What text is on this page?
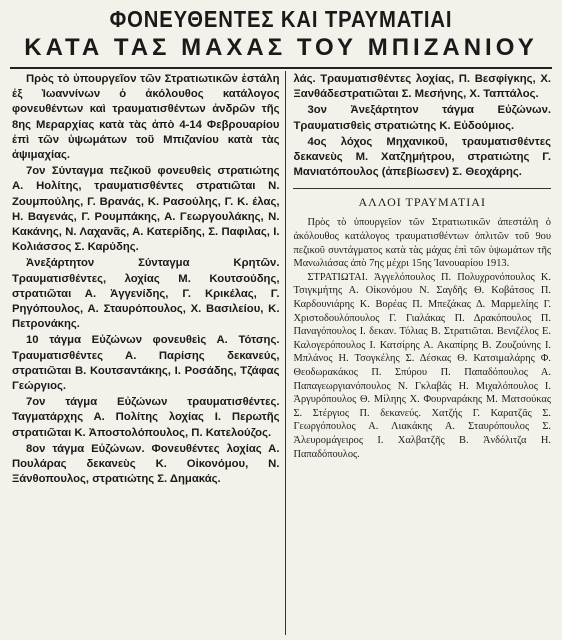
ΦΟΝΕΥΘΕΝΤΕΣ ΚΑΙ ΤΡΑΥΜΑΤΙΑΙ
ΚΑΤΑ ΤΑΣ ΜΑΧΑΣ ΤΟΥ ΜΠΙΖΑΝΙΟΥ

Πρὸς τὸ ὑπουργεῖον τῶν Στρατιωτικῶν ἐστάλη ἐξ Ἰωαννίνων ὁ ἀκόλουθος κατάλογος φονευθέντων καὶ τραυματισθέντων ἀνδρῶν τῆς 8ης Μεραρχίας κατὰ τὰς ἀπὸ 4-14 Φεβρουαρίου ἐπὶ τῶν ὑψωμάτων τοῦ Μπιζανίου κατὰ τὰς ἀψιμαχίας.

7ον Σύνταγμα πεζικοῦ φονευθεὶς στρατιώτης Α. Ηολίτης, τραυματισθέντες στρατιῶται Ν. Ζουμπούλης, Γ. Βρανάς, Κ. Ρασούλης, Γ. Κ. έλας, Η. Βαγενάς, Γ. Ρουμπάκης, Α. Γεωργουλάκης, Ν. Κακάνης, Ν. Λαχανᾶς, Α. Κατερίδης, Σ. Παφιλας, Ι. Κολιάσσος Σ. Καρύδης.

Ἀνεξάρτητον Σύνταγμα Κρητῶν. Τραυματισθέντες, λοχίας Μ. Κουτσούδης, στρατιῶται Α. Ἀγγενίδης, Γ. Κρικέλας, Γ. Ρηγόπουλος, Α. Σταυρόπουλος, Χ. Βασιλείου, Κ. Πετρονάκης.

10 τάγμα Εὐζώνων φονευθεὶς Α. Τότσης. Τραυματισθέντες Α. Παρίσης δεκανεύς, στρατιῶται Β. Κουτσαντάκης, Ι. Ροσάδης, Τζάφας Γεώργιος.

7ον τάγμα Εὐζώνων τραυματισθέντες. Ταγματάρχης Α. Πολίτης λοχίας Ι. Περωτῆς στρατιῶται Κ. Ἀποστολόπουλος, Π. Κατελούζος.

8ον τάγμα Εὐζώνων. Φονευθέντες λοχίας Α. Πουλάρας δεκανεὺς Κ. Οἰκονόμου, Ν. Ξάνθοπουλος, στρατιώτης Σ. Δημακάς.

λάς. Τραυματισθέντες λοχίας, Π. Βεσφίγκης, Χ. Ξανθάδεστρατιῶται Σ. Μεσήνης, Χ. Ταπτάλος.

3ον Ἀνεξάρτητον τάγμα Εὐζώνων. Τραυματισθεὶς στρατιώτης Κ. Εὐδούμιος.

4ος λόχος Μηχανικοῦ, τραυματισθέντες δεκανεὺς Μ. Χατζημήτρου, στρατιώτης Γ. Μανιατόπουλος (ἀπεβίωσεν) Σ. Θεοχάρης.

ΑΛΛΟΙ ΤΡΑΥΜΑΤΙΑΙ

Πρὸς τὸ ὑπουργεῖον τῶν Στρατιωτικῶν ἀπεστάλη ὁ ἀκόλουθος κατάλογος τραυματισθέντων ὁπλιτῶν τοῦ 9ου πεζικοῦ συντάγματος κατὰ τὰς μάχας ἐπὶ τῶν ὑψωμάτων τῆς Μανωλιάσας ἀπὸ 7ης μέχρι 15ης Ἰανουαρίου 1913.

ΣΤΡΑΤΙΩΤΑΙ. Ἀγγελόπουλος Π. Πολυχρονόπουλος Κ. Τσιγκμήτης Α. Οἰκονόμου Ν. Σαγδῆς Θ. Κοβάτσος Π. Καρδουνιάρης Κ. Βορέας Π. Μπεζάκας Δ. Μαρμελίης Γ. Χριστοδουλόπουλος Γ. Γιαλάκας Π. Δρακόπουλος Π. Παναγόπουλος Ι. δεκαν. Τόλιας Β. Στρατιῶται. Βενιζέλος Ε. Καλογερόπουλος Ι. Κατσίρης Α. Ακαπίρης Β. Ζουζούνης Ι. Μπλάνος Η. Τσογκέλης Σ. Δέσκας Θ. Κατσιμαλάρης Φ. Θεοδωρακάκος Π. Σπύρου Π. Παπαδόπουλος Α. Παπαγεωργιανόπουλος Ν. Γκλαβάς Η. Μιχαλόπουλος Ι. Ἀργυρόπουλος Θ. Μίληης Χ. Φουρναράκης Μ. Ματσούκας Σ. Στέργιος Π. δεκανεύς. Χατζής Γ. Καρατζᾶς Σ. Γεωργόπουλος Α. Λιακάκης Α. Σταυρόπουλος Σ. Ἀλευρομάγειρος Ι. Χαλβατζῆς Β. Ἀνδόλιτζα Η. Παπαδόπουλος.
